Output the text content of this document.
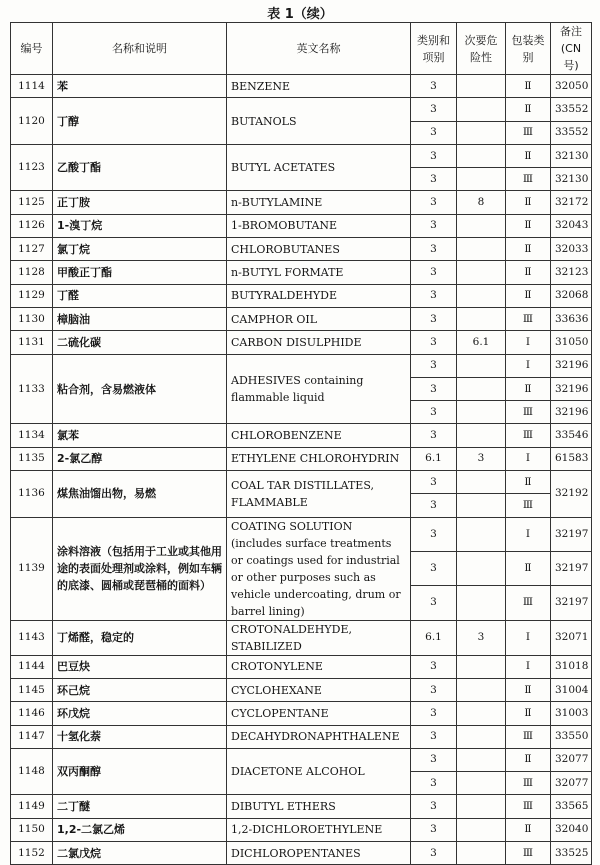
表 1（续）
编号	名称和说明	英文名称	类别和项别	次要危险性	包装类别	备注(CN 号)
1114	苯	BENZENE	3		Ⅱ	32050
1120	丁醇	BUTANOLS	3		Ⅱ	33552
			3		Ⅲ	33552
1123	乙酸丁酯	BUTYL ACETATES	3		Ⅱ	32130
			3		Ⅲ	32130
1125	正丁胺	n-BUTYLAMINE	3	8	Ⅱ	32172
1126	1-溴丁烷	1-BROMOBUTANE	3		Ⅱ	32043
1127	氯丁烷	CHLOROBUTANES	3		Ⅱ	32033
1128	甲酸正丁酯	n-BUTYL FORMATE	3		Ⅱ	32123
1129	丁醛	BUTYRALDEHYDE	3		Ⅱ	32068
1130	樟脑油	CAMPHOR OIL	3		Ⅲ	33636
1131	二硫化碳	CARBON DISULPHIDE	3	6.1	Ⅰ	31050
1133	粘合剂，含易燃液体	ADHESIVES containing flammable liquid	3		Ⅰ	32196
			3		Ⅱ	32196
			3		Ⅲ	32196
1134	氯苯	CHLOROBENZENE	3		Ⅲ	33546
1135	2-氯乙醇	ETHYLENE CHLOROHYDRIN	6.1	3	Ⅰ	61583
1136	煤焦油馏出物，易燃	COAL TAR DISTILLATES, FLAMMABLE	3		Ⅱ	32192
			3		Ⅲ	
1139	涂料溶液（包括用于工业或其他用途的表面处理剂或涂料，例如车辆的底漆、圆桶或琵琶桶的面料）	COATING SOLUTION (includes surface treatments or coatings used for industrial or other purposes such as vehicle undercoating, drum or barrel lining)	3		Ⅰ	32197
			3		Ⅱ	32197
			3		Ⅲ	32197
1143	丁烯醛，稳定的	CROTONALDEHYDE, STABILIZED	6.1	3	Ⅰ	32071
1144	巴豆炔	CROTONYLENE	3		Ⅰ	31018
1145	环己烷	CYCLOHEXANE	3		Ⅱ	31004
1146	环戊烷	CYCLOPENTANE	3		Ⅱ	31003
1147	十氢化萘	DECAHYDRONAPHTHALENE	3		Ⅲ	33550
1148	双丙酮醇	DIACETONE ALCOHOL	3		Ⅱ	32077
			3		Ⅲ	32077
1149	二丁醚	DIBUTYL ETHERS	3		Ⅲ	33565
1150	1,2-二氯乙烯	1,2-DICHLOROETHYLENE	3		Ⅱ	32040
1152	二氯戊烷	DICHLOROPENTANES	3		Ⅲ	33525
